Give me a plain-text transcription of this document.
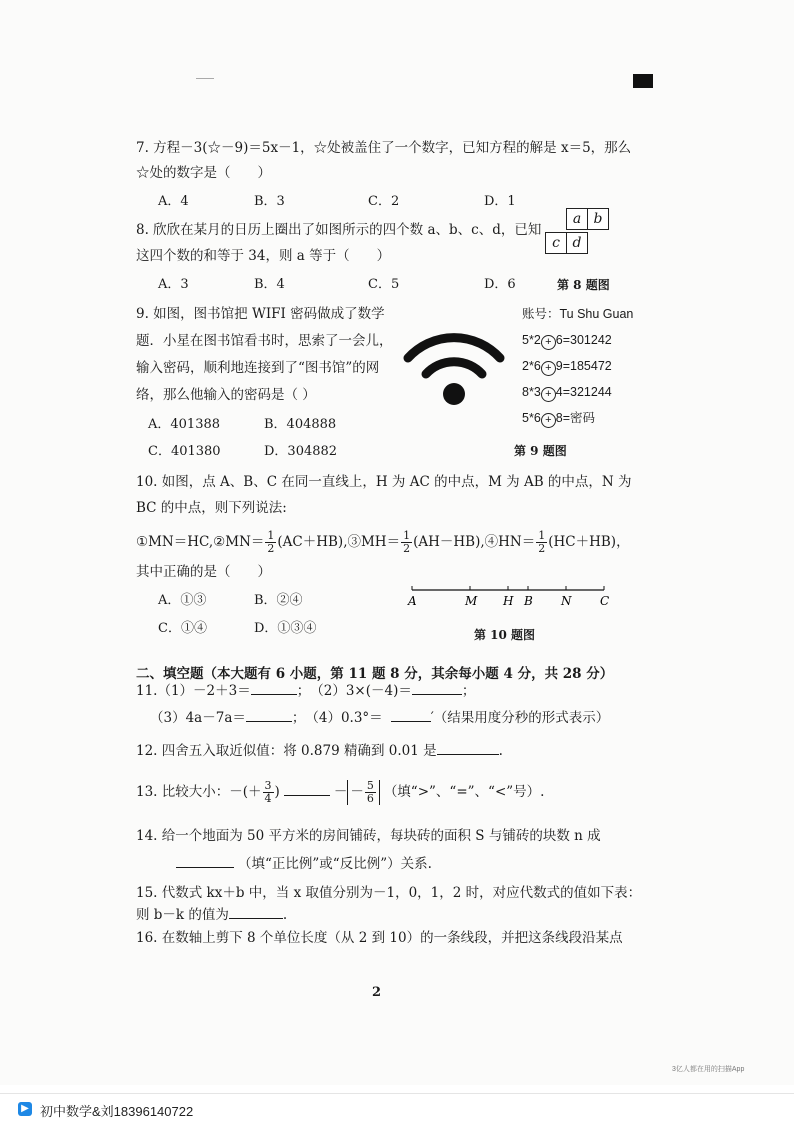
7. 方程－3(☆－9)＝5x－1，☆处被盖住了一个数字，已知方程的解是 x＝5，那么
☆处的数字是（　　）
A．4	B．3	C．2	D．1
8. 欣欣在某月的日历上圈出了如图所示的四个数 a、b、c、d，已知
这四个数的和等于 34，则 a 等于（　　）
A．3	B．4	C．5	D．6
a b
c d
第 8 题图
9. 如图，图书馆把 WIFI 密码做成了数学
题．小星在图书馆看书时，思索了一会儿，
输入密码，顺利地连接到了“图书馆”的网
络，那么他输入的密码是（ ）
A．401388	B．404888
C．401380	D．304882
账号：Tu Shu Guan
5*2 + 6=301242
2*6 + 9=185472
8*3 + 4=321244
5*6 + 8=密码
第 9 题图
10. 如图，点 A、B、C 在同一直线上，H 为 AC 的中点，M 为 AB 的中点，N 为
BC 的中点，则下列说法:
①MN＝HC,②MN＝ $\frac{1}{2}$ (AC＋HB),③MH＝ $\frac{1}{2}$ (AH－HB),④HN＝ $\frac{1}{2} (HC+HB)$，
其中正确的是（　　）
A．①③	B．②④
C．①④	D．①③④
A	M H B N C
第 10 题图
二、填空题（本大题有 6 小题，第 11 题 8 分，其余每小题 4 分，共 28 分）
11.（1）－2＋3＝	；　（2）3×(－4)＝	；
（3）4a－7a＝	；　（4）0.3°＝	′（结果用度分秒的形式表示）
12. 四舍五入取近似值：将 0.879 精确到 0.01 是	.
13. 比较大小：－(＋ $\frac{3}{4}$ )	－ － $\frac{5}{6}$ （填“>”、“=”、“<”号）.
14. 给一个地面为 50 平方米的房间铺砖，每块砖的面积 S 与铺砖的块数 n 成
（填“正比例”或“反比例”）关系.
15. 代数式 kx＋b 中，当 x 取值分别为－1，0，1，2 时，对应代数式的值如下表：
则 b－k 的值为	.
16. 在数轴上剪下 8 个单位长度（从 2 到 10）的一条线段，并把这条线段沿某点
2
3亿人都在用的扫描App
▶ 初中数学&刘18396140722
